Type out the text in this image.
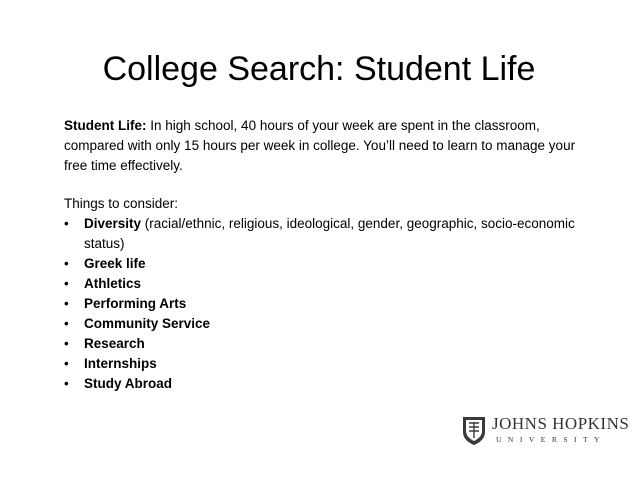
College Search: Student Life

Student Life: In high school, 40 hours of your week are spent in the classroom, compared with only 15 hours per week in college. You’ll need to learn to manage your free time effectively.

Things to consider:
• Diversity (racial/ethnic, religious, ideological, gender, geographic, socio-economic status)
• Greek life
• Athletics
• Performing Arts
• Community Service
• Research
• Internships
• Study Abroad
JOHNS HOPKINS
UNIVERSITY
